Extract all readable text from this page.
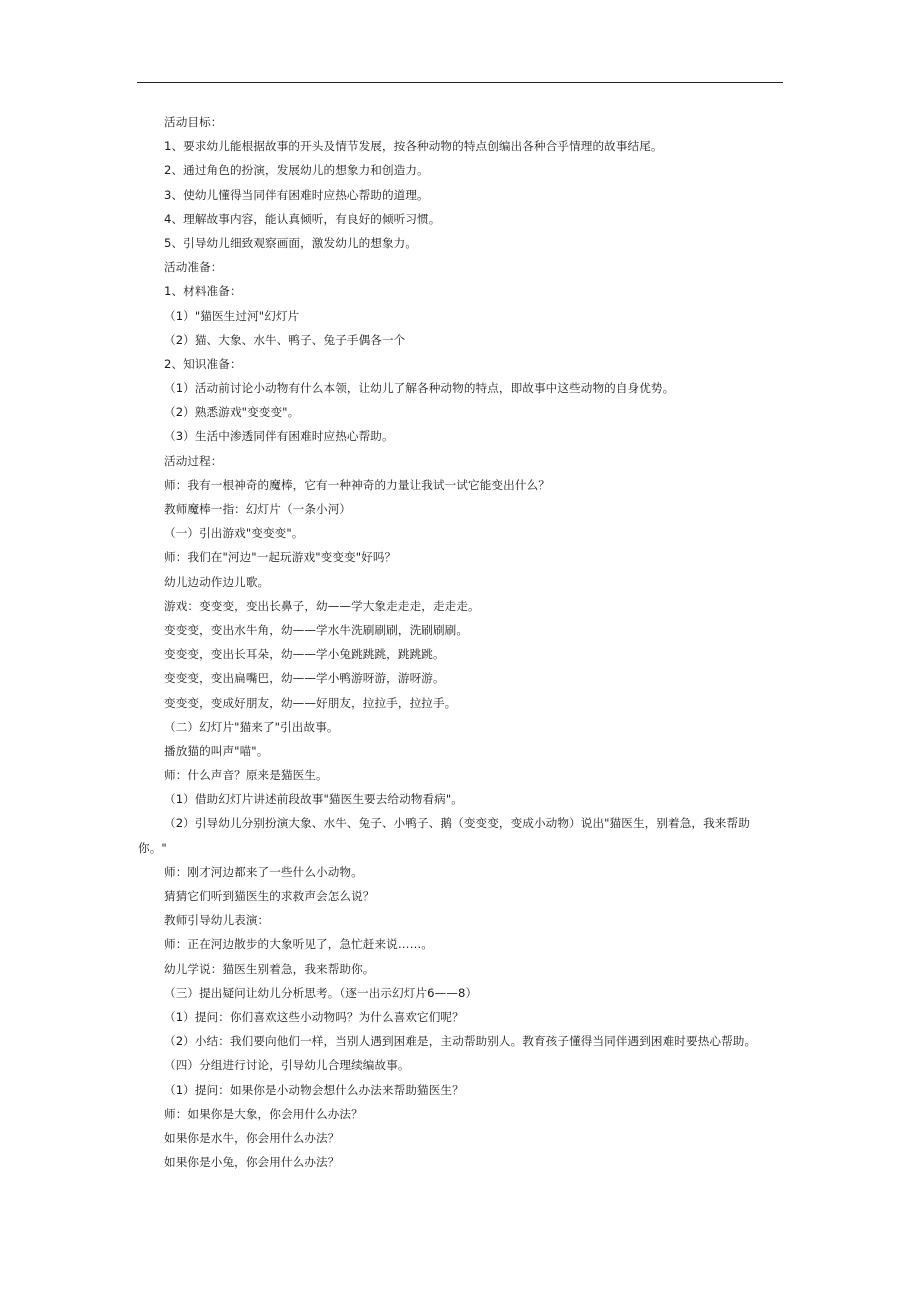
活动目标：
1、要求幼儿能根据故事的开头及情节发展，按各种动物的特点创编出各种合乎情理的故事结尾。
2、通过角色的扮演，发展幼儿的想象力和创造力。
3、使幼儿懂得当同伴有困难时应热心帮助的道理。
4、理解故事内容，能认真倾听，有良好的倾听习惯。
5、引导幼儿细致观察画面，激发幼儿的想象力。
活动准备：
1、材料准备：
（1）"猫医生过河"幻灯片
（2）猫、大象、水牛、鸭子、兔子手偶各一个
2、知识准备：
（1）活动前讨论小动物有什么本领，让幼儿了解各种动物的特点，即故事中这些动物的自身优势。
（2）熟悉游戏"变变变"。
（3）生活中渗透同伴有困难时应热心帮助。
活动过程：
师：我有一根神奇的魔棒，它有一种神奇的力量让我试一试它能变出什么？
教师魔棒一指：幻灯片（一条小河）
（一）引出游戏"变变变"。
师：我们在"河边"一起玩游戏"变变变"好吗？
幼儿边动作边儿歌。
游戏：变变变，变出长鼻子，幼——学大象走走走，走走走。
变变变，变出水牛角，幼——学水牛洗刷刷刷，洗刷刷刷。
变变变，变出长耳朵，幼——学小兔跳跳跳，跳跳跳。
变变变，变出扁嘴巴，幼——学小鸭游呀游，游呀游。
变变变，变成好朋友，幼——好朋友，拉拉手，拉拉手。
（二）幻灯片"猫来了"引出故事。
播放猫的叫声"喵"。
师：什么声音？原来是猫医生。
（1）借助幻灯片讲述前段故事"猫医生要去给动物看病"。
（2）引导幼儿分别扮演大象、水牛、兔子、小鸭子、鹅（变变变，变成小动物）说出"猫医生，别着急，我来帮助
你。"
师：刚才河边都来了一些什么小动物。
猜猜它们听到猫医生的求救声会怎么说？
教师引导幼儿表演：
师：正在河边散步的大象听见了，急忙赶来说……。
幼儿学说：猫医生别着急，我来帮助你。
（三）提出疑问让幼儿分析思考。（逐一出示幻灯片6——8）
（1）提问：你们喜欢这些小动物吗？为什么喜欢它们呢？
（2）小结：我们要向他们一样，当别人遇到困难是，主动帮助别人。教育孩子懂得当同伴遇到困难时要热心帮助。
（四）分组进行讨论，引导幼儿合理续编故事。
（1）提问：如果你是小动物会想什么办法来帮助猫医生？
师：如果你是大象，你会用什么办法？
如果你是水牛，你会用什么办法？
如果你是小兔，你会用什么办法？
